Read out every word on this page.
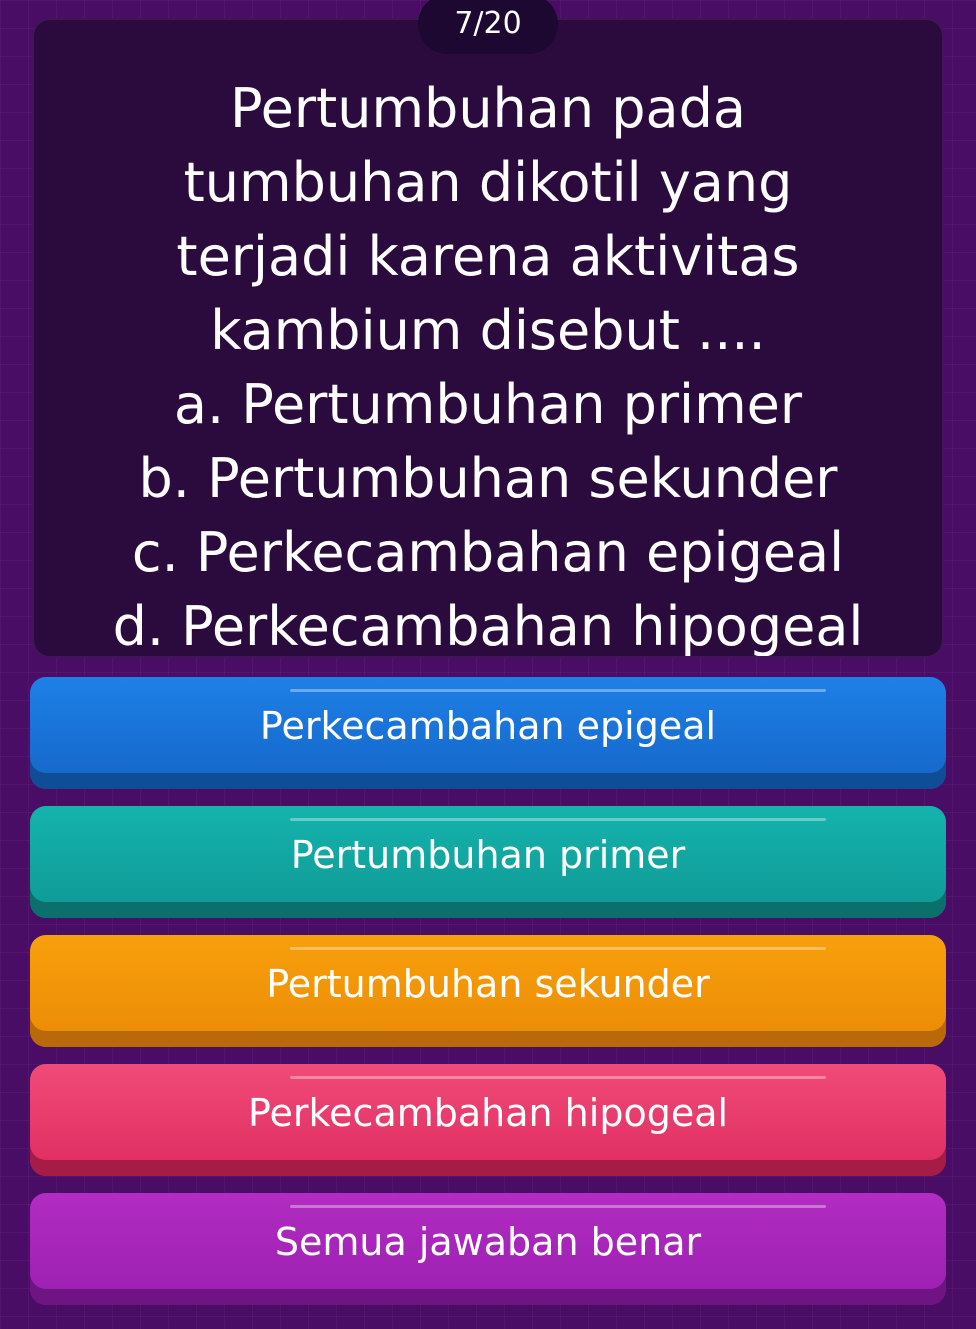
7/20

Pertumbuhan pada
tumbuhan dikotil yang
terjadi karena aktivitas
kambium disebut ....
a. Pertumbuhan primer
b. Pertumbuhan sekunder
c. Perkecambahan epigeal
d. Perkecambahan hipogeal

Perkecambahan epigeal
Pertumbuhan primer
Pertumbuhan sekunder
Perkecambahan hipogeal
Semua jawaban benar
